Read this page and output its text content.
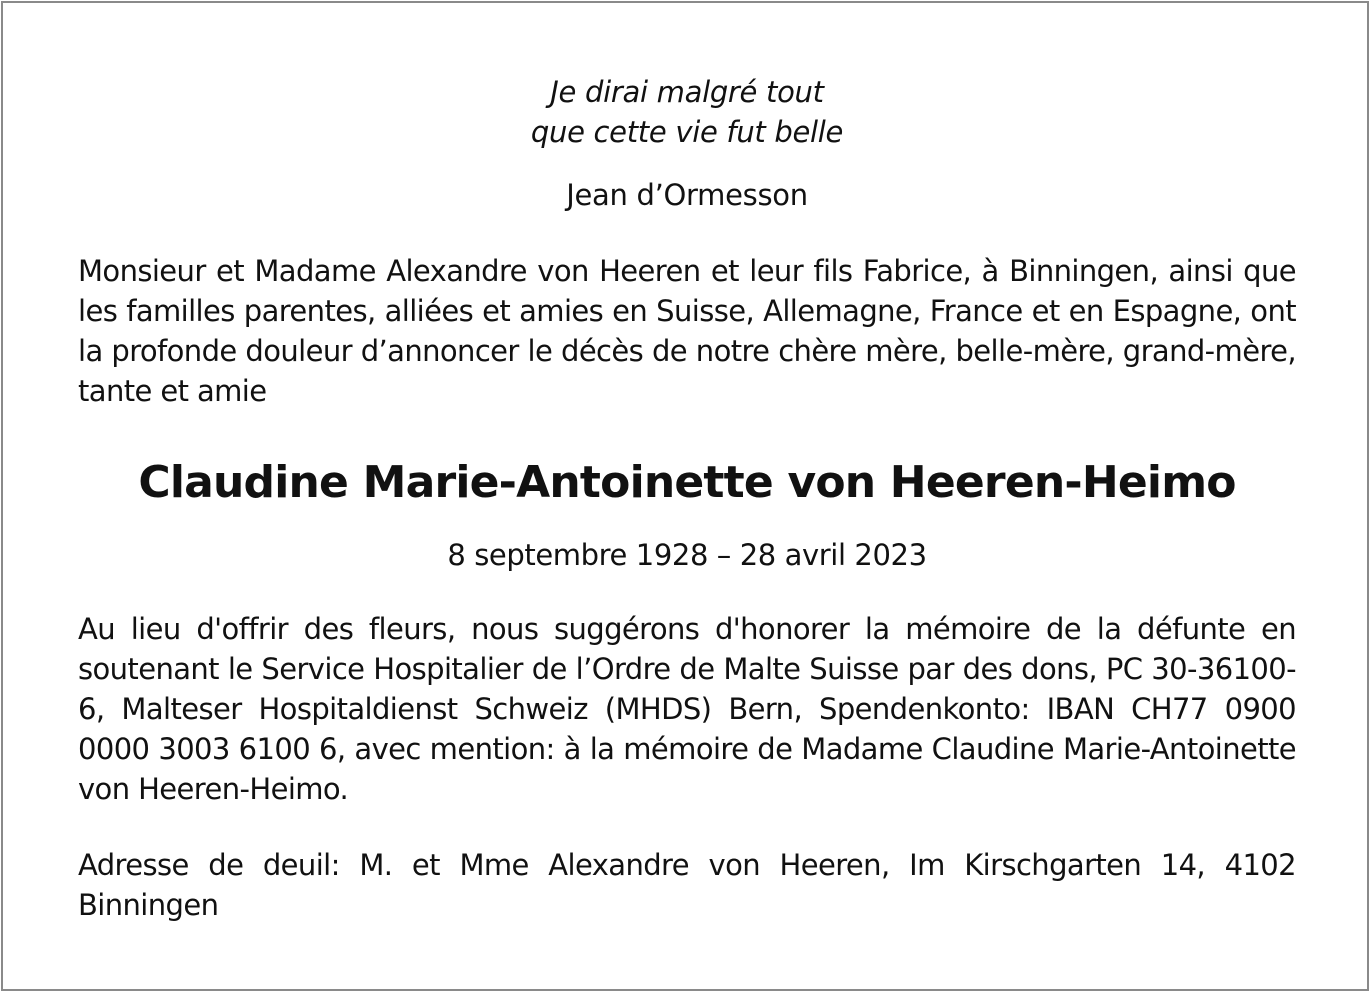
Je dirai malgré tout
que cette vie fut belle
Jean d’Ormesson
Monsieur et Madame Alexandre von Heeren et leur fils Fabrice, à Binningen, ainsi que les familles parentes, alliées et amies en Suisse, Allemagne, France et en Espagne, ont la profonde douleur d’annoncer le décès de notre chère mère, belle-mère, grand-mère, tante et amie
Claudine Marie-Antoinette von Heeren-Heimo
8 septembre 1928 – 28 avril 2023
Au lieu d'offrir des fleurs, nous suggérons d'honorer la mémoire de la défunte en soutenant le Service Hospitalier de l’Ordre de Malte Suisse par des dons, PC 30-36100-6, Malteser Hospitaldienst Schweiz (MHDS) Bern, Spendenkonto: IBAN CH77 0900 0000 3003 6100 6, avec mention: à la mémoire de Madame Claudine Marie-Antoinette von Heeren-Heimo.
Adresse de deuil: M. et Mme Alexandre von Heeren, Im Kirschgarten 14, 4102 Binningen
